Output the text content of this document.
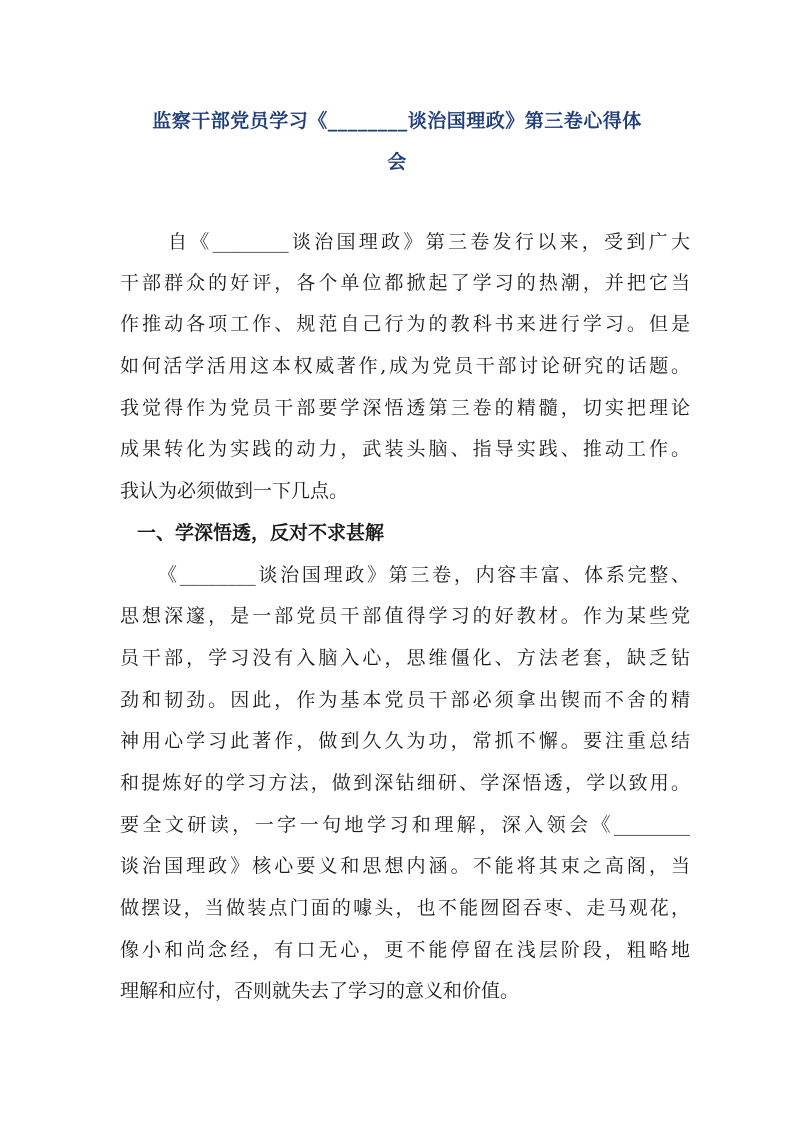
监察干部党员学习《________谈治国理政》第三卷心得体
会
自《________谈治国理政》第三卷发行以来，受到广大
干部群众的好评，各个单位都掀起了学习的热潮，并把它当
作推动各项工作、规范自己行为的教科书来进行学习。但是
如何活学活用这本权威著作,成为党员干部讨论研究的话题。
我觉得作为党员干部要学深悟透第三卷的精髓，切实把理论
成果转化为实践的动力，武装头脑、指导实践、推动工作。
我认为必须做到一下几点。
一、学深悟透，反对不求甚解
《________谈治国理政》第三卷，内容丰富、体系完整、
思想深邃，是一部党员干部值得学习的好教材。作为某些党
员干部，学习没有入脑入心，思维僵化、方法老套，缺乏钻
劲和韧劲。因此，作为基本党员干部必须拿出锲而不舍的精
神用心学习此著作，做到久久为功，常抓不懈。要注重总结
和提炼好的学习方法，做到深钻细研、学深悟透，学以致用。
要全文研读，一字一句地学习和理解，深入领会《________
谈治国理政》核心要义和思想内涵。不能将其束之高阁，当
做摆设，当做装点门面的噱头，也不能囫囵吞枣、走马观花，
像小和尚念经，有口无心，更不能停留在浅层阶段，粗略地
理解和应付，否则就失去了学习的意义和价值。
